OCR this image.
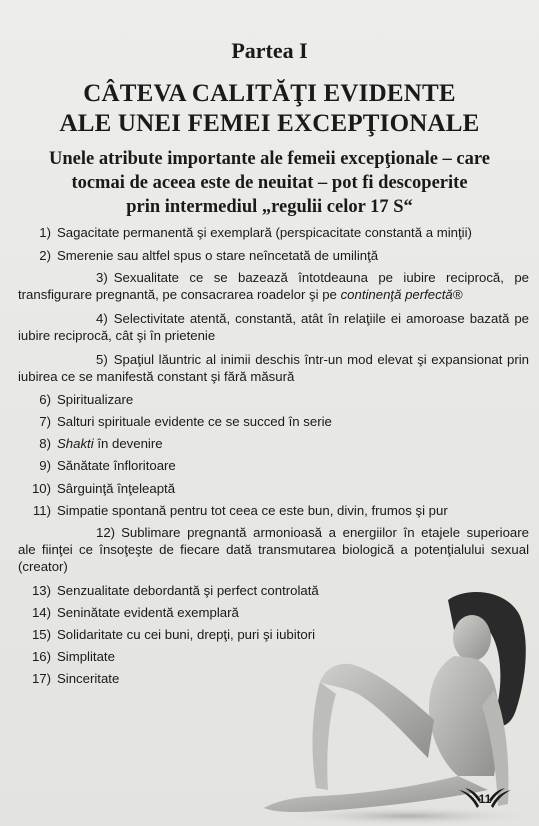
Partea I
CÂTEVA CALITĂŢI EVIDENTE
ALE UNEI FEMEI EXCEPŢIONALE
Unele atribute importante ale femeii excepţionale – care
tocmai de aceea este de neuitat – pot fi descoperite
prin intermediul „regulii celor 17 S“
1) Sagacitate permanentă şi exemplară (perspicacitate constantă a minţii)
2) Smerenie sau altfel spus o stare neîncetată de umilinţă
3) Sexualitate ce se bazează întotdeauna pe iubire reciprocă, pe transfigurare pregnantă, pe consacrarea roadelor şi pe continenţă perfectă®
4) Selectivitate atentă, constantă, atât în relaţiile ei amoroase bazată pe iubire reciprocă, cât şi în prietenie
5) Spaţiul lăuntric al inimii deschis într-un mod elevat şi expansionat prin iubirea ce se manifestă constant şi fără măsură
6) Spiritualizare
7) Salturi spirituale evidente ce se succed în serie
8) Shakti în devenire
9) Sănătate înfloritoare
10) Sârguinţă înţeleaptă
11) Simpatie spontană pentru tot ceea ce este bun, divin, frumos şi pur
12) Sublimare pregnantă armonioasă a energiilor în etajele superioare ale fiinţei ce însoţeşte de fiecare dată transmutarea biologică a potenţialului sexual (creator)
13) Senzualitate debordantă şi perfect controlată
14) Seninătate evidentă exemplară
15) Solidaritate cu cei buni, drepţi, puri şi iubitori
16) Simplitate
17) Sinceritate
11
